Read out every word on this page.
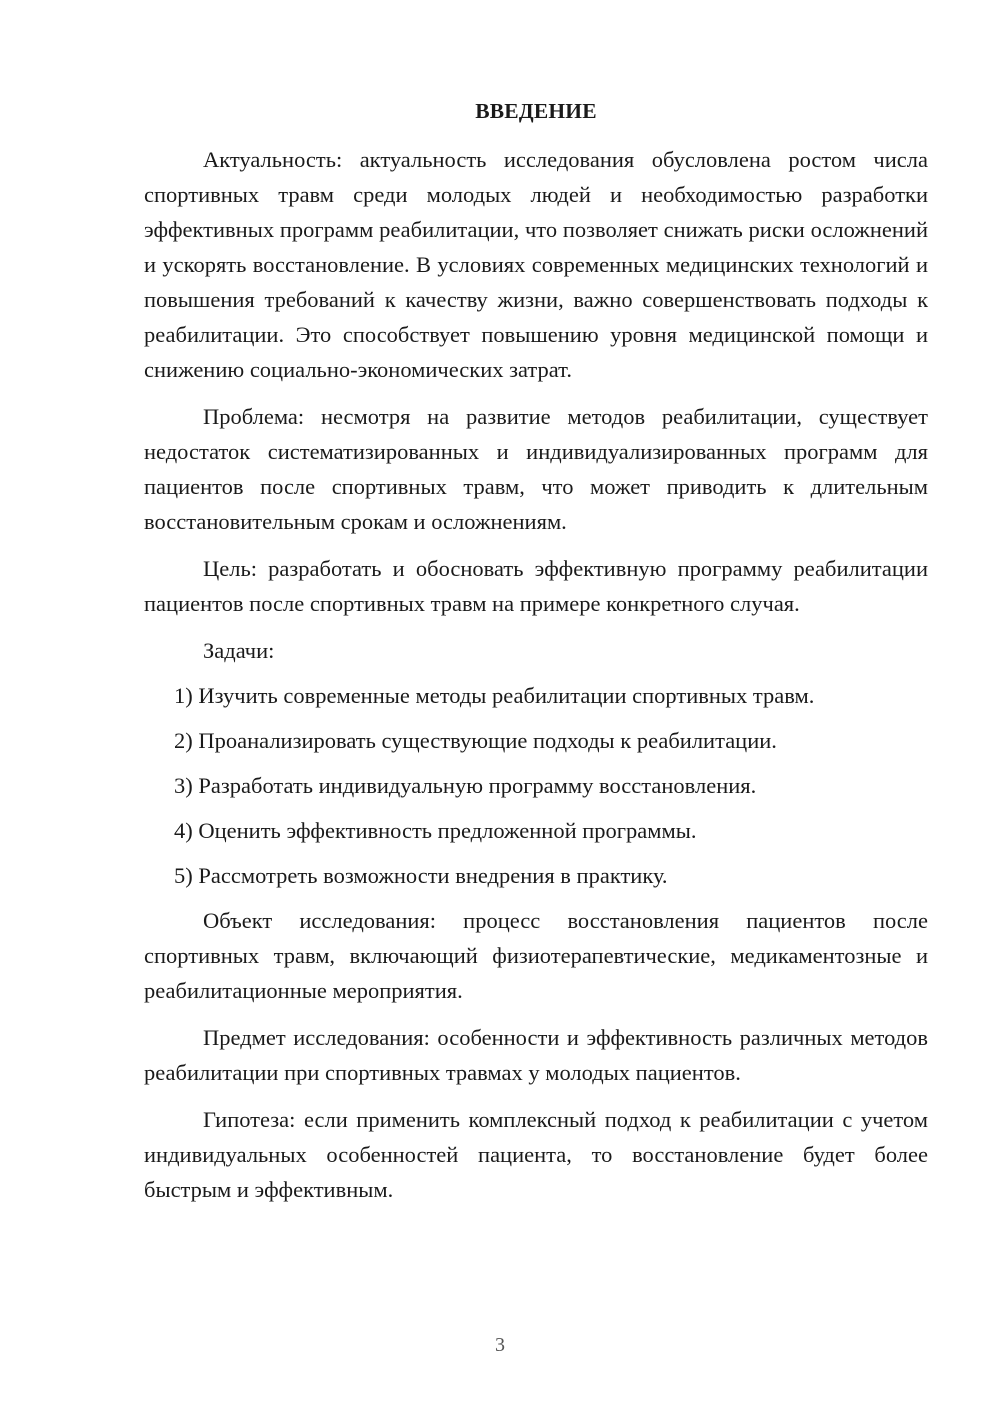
ВВЕДЕНИЕ

Актуальность: актуальность исследования обусловлена ростом числа спортивных травм среди молодых людей и необходимостью разработки эффективных программ реабилитации, что позволяет снижать риски осложнений и ускорять восстановление. В условиях современных медицинских технологий и повышения требований к качеству жизни, важно совершенствовать подходы к реабилитации. Это способствует повышению уровня медицинской помощи и снижению социально-экономических затрат.

Проблема: несмотря на развитие методов реабилитации, существует недостаток систематизированных и индивидуализированных программ для пациентов после спортивных травм, что может приводить к длительным восстановительным срокам и осложнениям.

Цель: разработать и обосновать эффективную программу реабилитации пациентов после спортивных травм на примере конкретного случая.

Задачи:

1) Изучить современные методы реабилитации спортивных травм.
2) Проанализировать существующие подходы к реабилитации.
3) Разработать индивидуальную программу восстановления.
4) Оценить эффективность предложенной программы.
5) Рассмотреть возможности внедрения в практику.

Объект исследования: процесс восстановления пациентов после спортивных травм, включающий физиотерапевтические, медикаментозные и реабилитационные мероприятия.

Предмет исследования: особенности и эффективность различных методов реабилитации при спортивных травмах у молодых пациентов.

Гипотеза: если применить комплексный подход к реабилитации с учетом индивидуальных особенностей пациента, то восстановление будет более быстрым и эффективным.

3
